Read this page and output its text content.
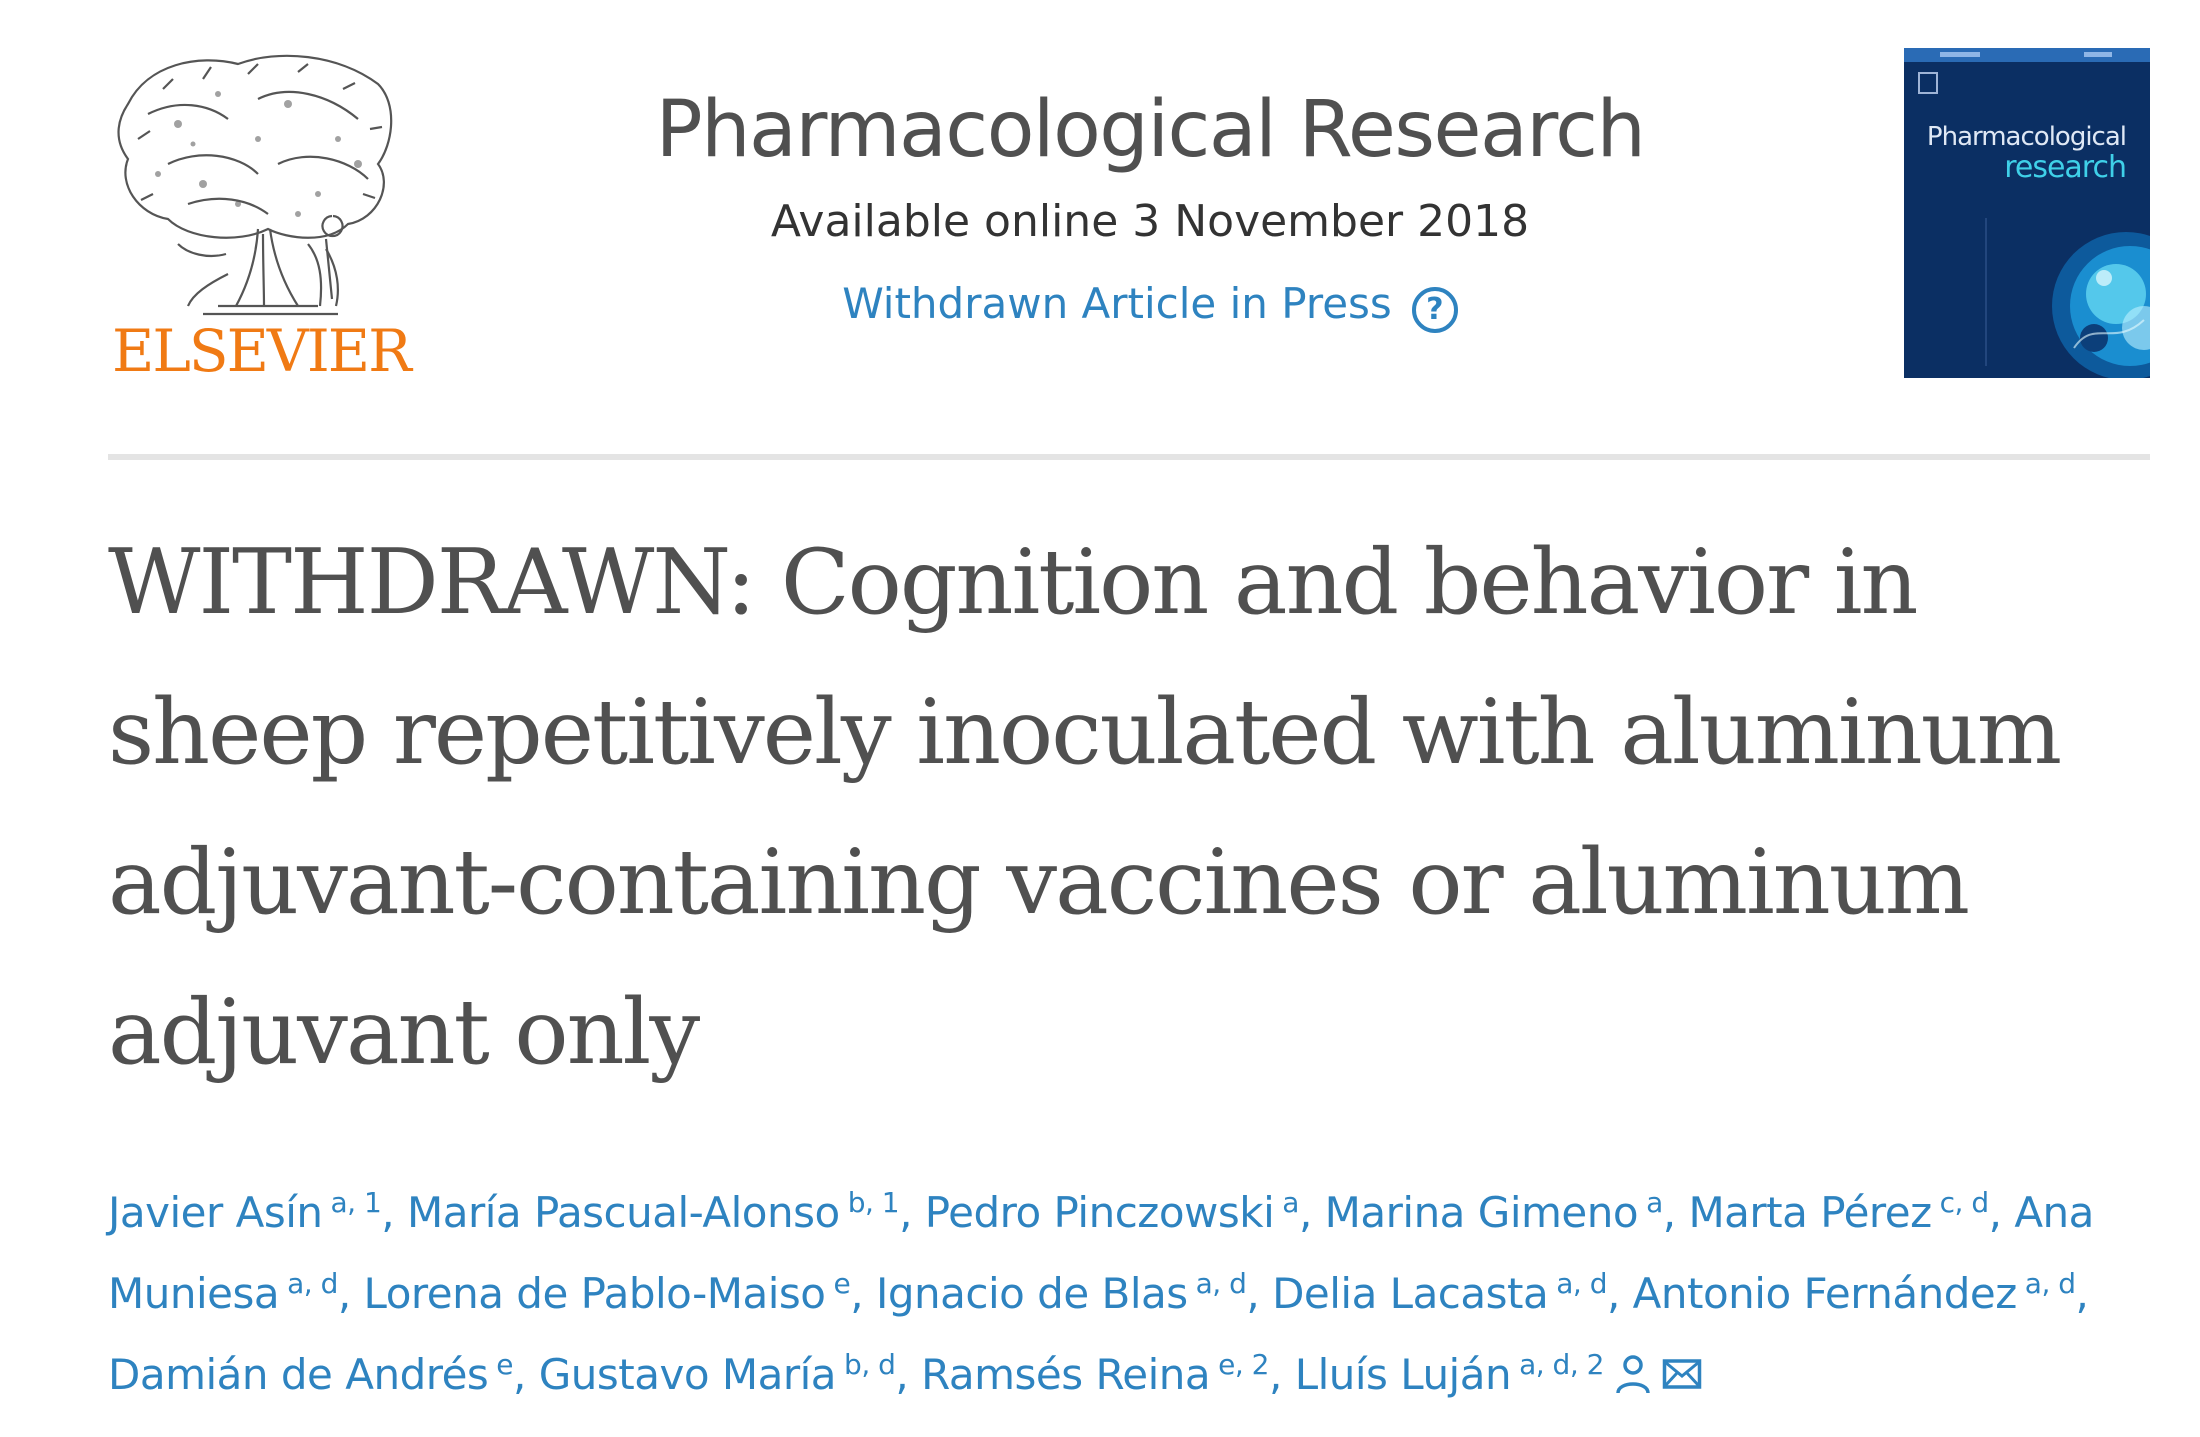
ELSEVIER
Pharmacological Research
Available online 3 November 2018
Withdrawn Article in Press ?
Pharmacological
research
WITHDRAWN: Cognition and behavior in sheep repetitively inoculated with aluminum adjuvant-containing vaccines or aluminum adjuvant only
Javier Asín $^{a, 1}$, María Pascual-Alonso $^{b, 1}$, Pedro Pinczowski $^a$, Marina Gimeno $^a$, Marta Pérez $^{c, d}$, Ana Muniesa $^{a, d}$, Lorena de Pablo-Maiso $^e$, Ignacio de Blas $^{a, d}$, Delia Lacasta $^{a, d}$, Antonio Fernández $^{a, d}$, Damián de Andrés $^e$, Gustavo María $^{b, d}$, Ramsés Reina $^{e, 2}$, Lluís Luján $^{a, d, 2}$
